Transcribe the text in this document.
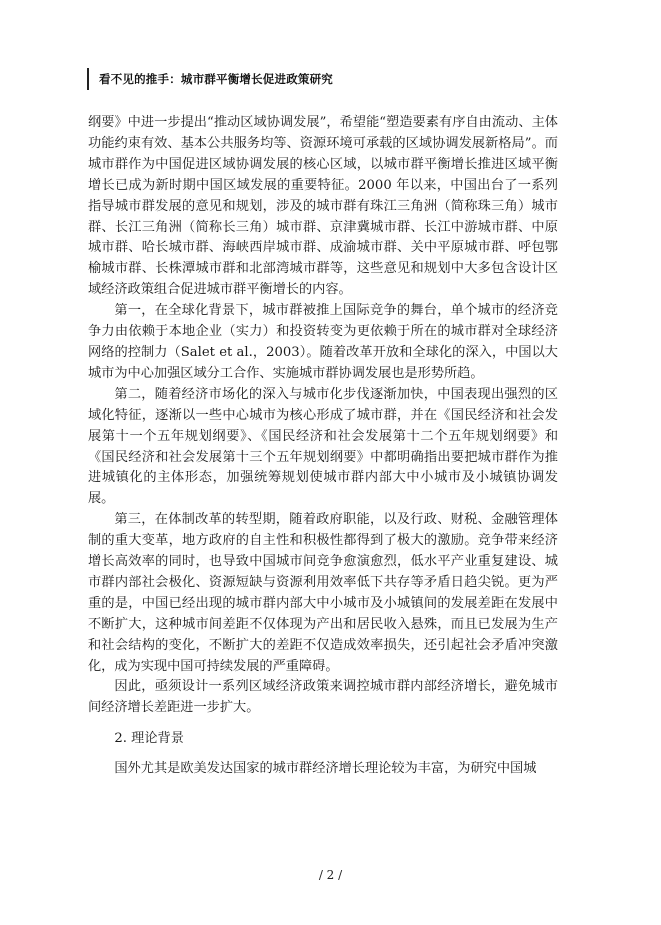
看不见的推手：城市群平衡增长促进政策研究

纲要》中进一步提出“推动区域协调发展”，希望能“塑造要素有序自由流动、主体功能约束有效、基本公共服务均等、资源环境可承载的区域协调发展新格局”。而城市群作为中国促进区域协调发展的核心区域，以城市群平衡增长推进区域平衡增长已成为新时期中国区域发展的重要特征。2000 年以来，中国出台了一系列指导城市群发展的意见和规划，涉及的城市群有珠江三角洲（简称珠三角）城市群、长江三角洲（简称长三角）城市群、京津冀城市群、长江中游城市群、中原城市群、哈长城市群、海峡西岸城市群、成渝城市群、关中平原城市群、呼包鄂榆城市群、长株潭城市群和北部湾城市群等，这些意见和规划中大多包含设计区域经济政策组合促进城市群平衡增长的内容。

第一，在全球化背景下，城市群被推上国际竞争的舞台，单个城市的经济竞争力由依赖于本地企业（实力）和投资转变为更依赖于所在的城市群对全球经济网络的控制力（Salet et al.，2003）。随着改革开放和全球化的深入，中国以大城市为中心加强区域分工合作、实施城市群协调发展也是形势所趋。

第二，随着经济市场化的深入与城市化步伐逐渐加快，中国表现出强烈的区域化特征，逐渐以一些中心城市为核心形成了城市群，并在《国民经济和社会发展第十一个五年规划纲要》、《国民经济和社会发展第十二个五年规划纲要》和《国民经济和社会发展第十三个五年规划纲要》中都明确指出要把城市群作为推进城镇化的主体形态，加强统筹规划使城市群内部大中小城市及小城镇协调发展。

第三，在体制改革的转型期，随着政府职能，以及行政、财税、金融管理体制的重大变革，地方政府的自主性和积极性都得到了极大的激励。竞争带来经济增长高效率的同时，也导致中国城市间竞争愈演愈烈，低水平产业重复建设、城市群内部社会极化、资源短缺与资源利用效率低下共存等矛盾日趋尖锐。更为严重的是，中国已经出现的城市群内部大中小城市及小城镇间的发展差距在发展中不断扩大，这种城市间差距不仅体现为产出和居民收入悬殊，而且已发展为生产和社会结构的变化，不断扩大的差距不仅造成效率损失，还引起社会矛盾冲突激化，成为实现中国可持续发展的严重障碍。

因此，亟须设计一系列区域经济政策来调控城市群内部经济增长，避免城市间经济增长差距进一步扩大。

2. 理论背景

国外尤其是欧美发达国家的城市群经济增长理论较为丰富，为研究中国城

/ 2 /
